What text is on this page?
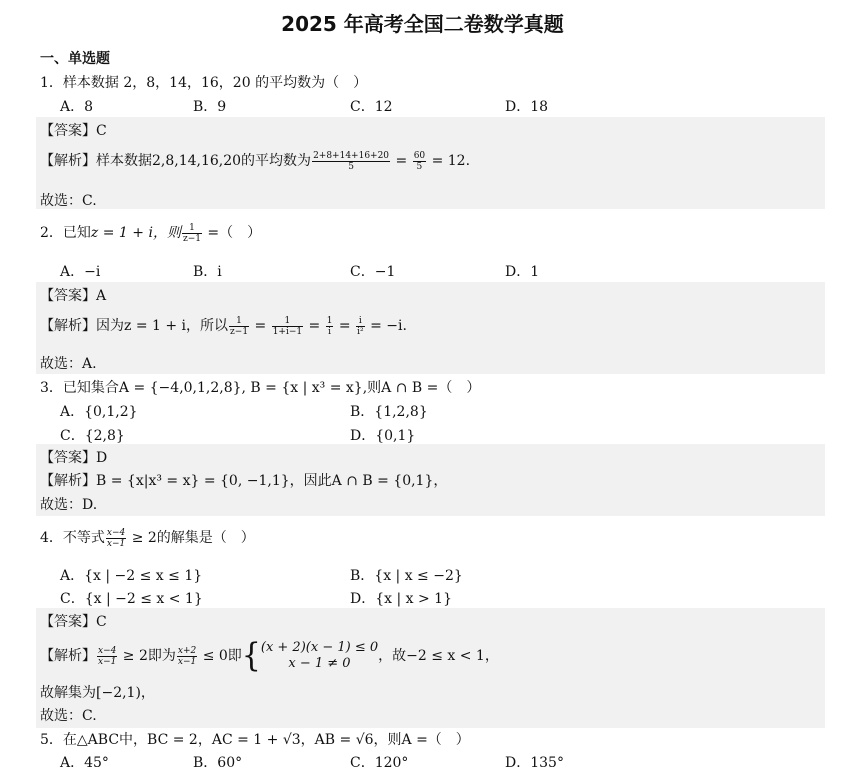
2025 年高考全国二卷数学真题
一、单选题
1．样本数据 2，8，14，16，20 的平均数为（　）
A．8	B．9	C．12	D．18
【答案】C
【解析】样本数据2,8,14,16,20的平均数为 $\frac{2+8+14+16+20}{5} = \frac{60}{5} = 12$.
故选：C.
2．已知z = 1 + i，则 $\frac{1}{z-1}$ =（　）
A．−i	B．i	C．−1	D．1
【答案】A
【解析】因为z = 1 + i，所以 $\frac{1}{z-1} = \frac{1}{1+i-1} = \frac{1}{i} = \frac{i}{\text{i²}} = -i$.
故选：A.
3．已知集合A = {−4,0,1,2,8}, B = {x | x³ = x},则A ∩ B =（　）
A．{0,1,2}	B．{1,2,8}
C．{2,8}	D．{0,1}
【答案】D
【解析】B = {x|x³ = x} = {0, −1,1}，因此A ∩ B = {0,1}，
故选：D.
4．不等式 $\frac{x-4}{x-1} \ge 2$的解集是（　）
A．{x | −2 ≤ x ≤ 1}	B．{x | x ≤ −2}
C．{x | −2 ≤ x < 1}	D．{x | x > 1}
【答案】C
【解析】 $\frac{x-4}{x-1} \ge 2$即为 $\frac{x+2}{x-1} \le 0$即{ (x + 2)(x − 1) ≤ 0
x − 1 ≠ 0	，故−2 ≤ x < 1，
故解集为[−2,1)，
故选：C.
5．在△ABC中，BC = 2，AC = 1 + √3，AB = √6，则A =（　）
A．45°	B．60°	C．120°	D．135°
